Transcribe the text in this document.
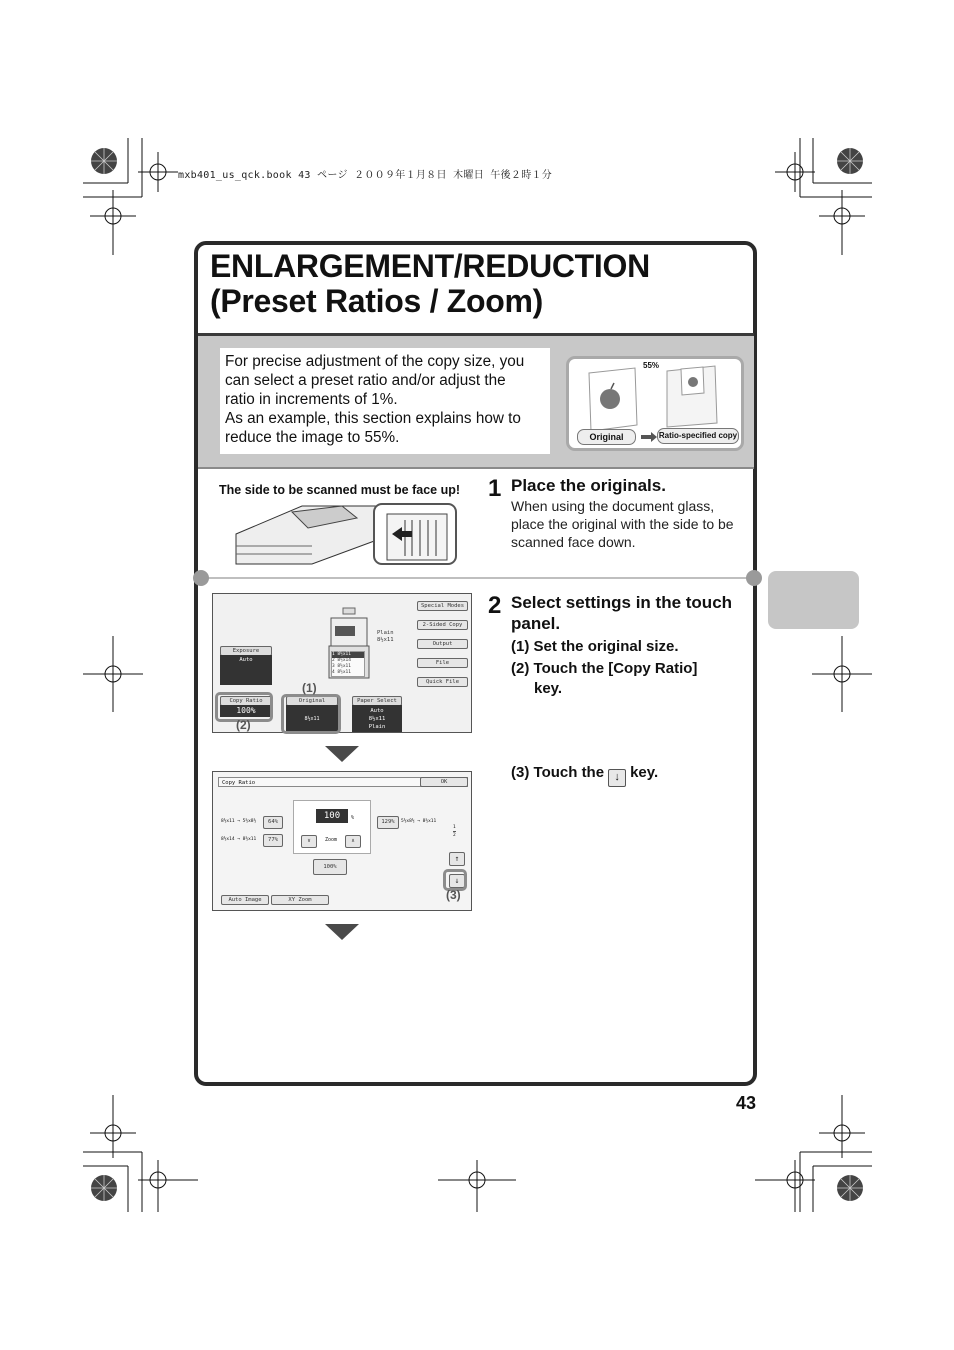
mxb401_us_qck.book 43 ページ ２００９年１月８日 木曜日 午後２時１分
ENLARGEMENT/REDUCTION
(Preset Ratios / Zoom)
For precise adjustment of the copy size, you
can select a preset ratio and/or adjust the
ratio in increments of 1%.
As an example, this section explains how to
reduce the image to 55%.
55%
Original	Ratio-specified copy
The side to be scanned must be face up! 1 Place the originals.
When using the document glass,
place the original with the side to be
scanned face down.
2 Select settings in the touch
panel.
(1) Set the original size.
(2) Touch the [Copy Ratio]
key.
(3) Touch the ↓ key.
Special Modes
2-Sided Copy
Output
File
Quick File
Plain
8½x11
1 8½x11
2 8½x14
3 8½x11
4 8½x11
Exposure
Auto
Copy Ratio
100%
Original
8½x11
Paper Select
Auto
8½x11
Plain
(2)
(1)
Copy Ratio	OK
100	%
∨	Zoom	∧
8½x11 → 5½x8½	64%
8½x14 → 8½x11	77%
129%	5½x8½ → 8½x11
1
2
100%
↑
↓
Auto Image	XY Zoom	(3)
43
